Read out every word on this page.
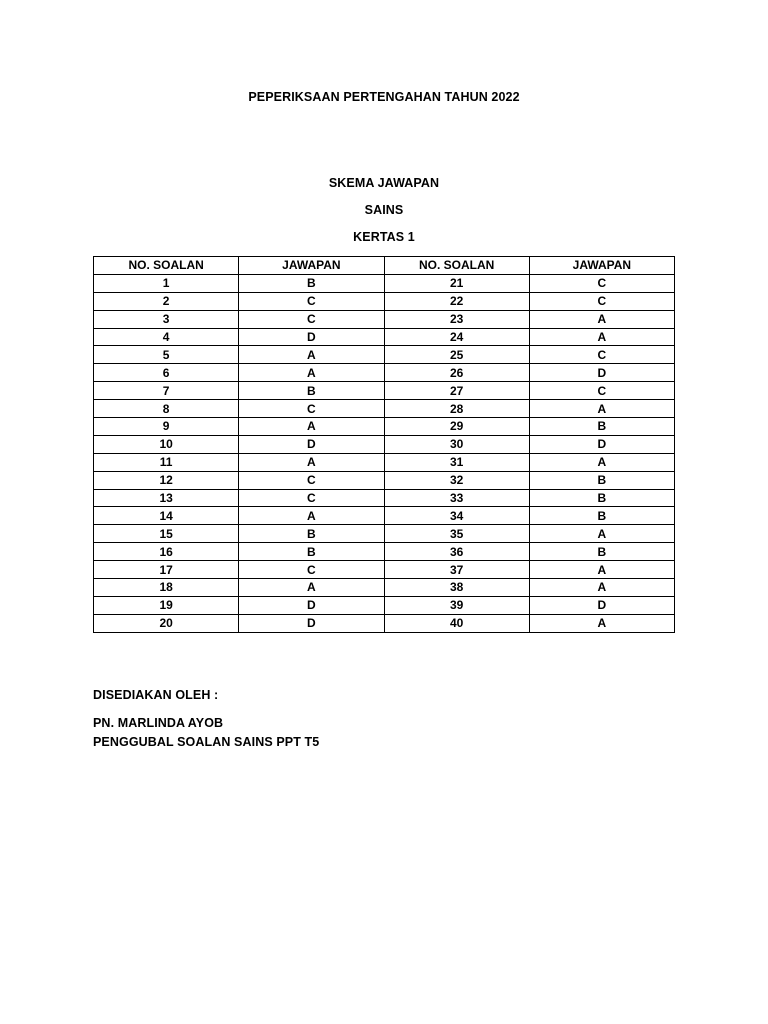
PEPERIKSAAN PERTENGAHAN TAHUN 2022
SKEMA JAWAPAN
SAINS
KERTAS 1
NO. SOALAN	JAWAPAN	NO. SOALAN	JAWAPAN
1	B	21	C
2	C	22	C
3	C	23	A
4	D	24	A
5	A	25	C
6	A	26	D
7	B	27	C
8	C	28	A
9	A	29	B
10	D	30	D
11	A	31	A
12	C	32	B
13	C	33	B
14	A	34	B
15	B	35	A
16	B	36	B
17	C	37	A
18	A	38	A
19	D	39	D
20	D	40	A
DISEDIAKAN OLEH :
PN. MARLINDA AYOB
PENGGUBAL SOALAN SAINS PPT T5
